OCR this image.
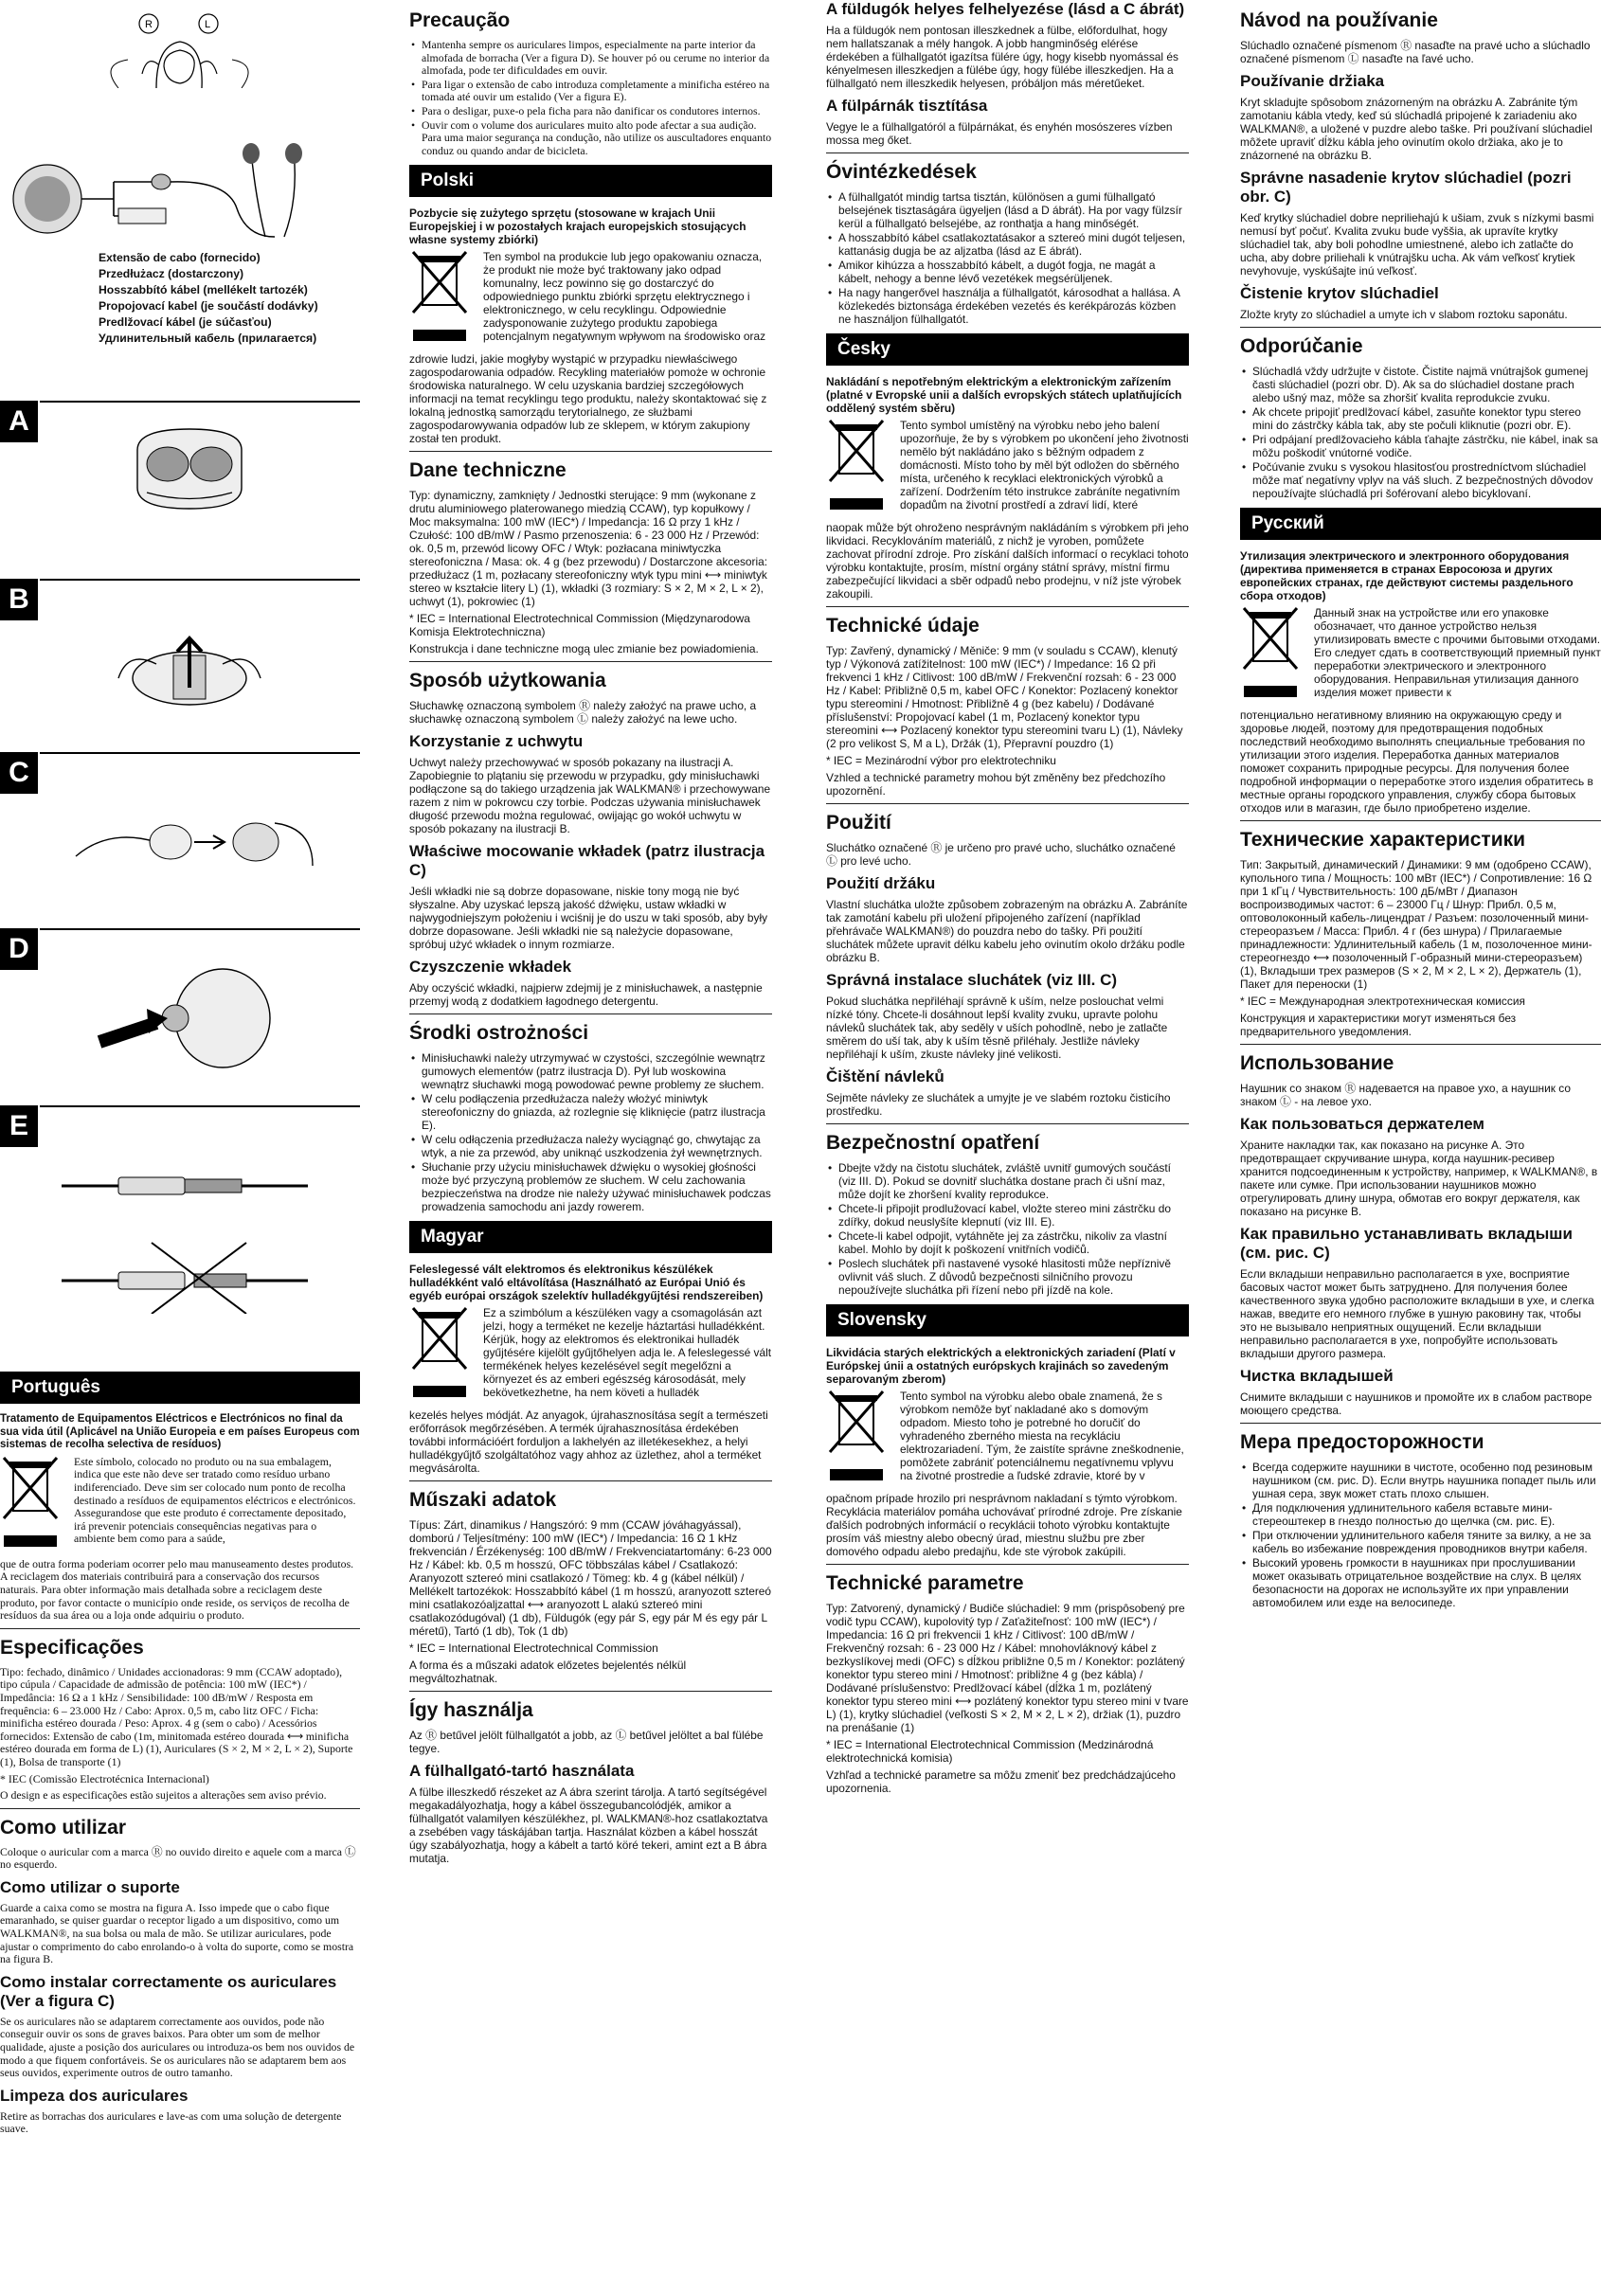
R	L
Extensão de cabo (fornecido)
Przedłużacz (dostarczony)
Hosszabbító kábel (mellékelt tartozék)
Propojovací kabel (je součástí dodávky)
Predlžovací kábel (je súčasťou)
Удлинительный кабель (прилагается)
A
B
C
D
E
Português

Tratamento de Equipamentos Eléctricos e Electrónicos no final da sua vida útil (Aplicável na União Europeia e em países Europeus com sistemas de recolha selectiva de resíduos)

Este símbolo, colocado no produto ou na sua embalagem, indica que este não deve ser tratado como resíduo urbano indiferenciado. Deve sim ser colocado num ponto de recolha destinado a resíduos de equipamentos eléctricos e electrónicos. Assegurandose que este produto é correctamente depositado, irá prevenir potenciais consequências negativas para o ambiente bem como para a saúde,

que de outra forma poderiam ocorrer pelo mau manuseamento destes produtos. A reciclagem dos materiais contribuirá para a conservação dos recursos naturais. Para obter informação mais detalhada sobre a reciclagem deste produto, por favor contacte o município onde reside, os serviços de recolha de resíduos da sua área ou a loja onde adquiriu o produto.

Especificações

Tipo: fechado, dinâmico / Unidades accionadoras: 9 mm (CCAW adoptado), tipo cúpula / Capacidade de admissão de potência: 100 mW (IEC*) / Impedância: 16 Ω a 1 kHz / Sensibilidade: 100 dB/mW / Resposta em frequência: 6 – 23.000 Hz / Cabo: Aprox. 0,5 m, cabo litz OFC / Ficha: minificha estéreo dourada / Peso: Aprox. 4 g (sem o cabo) / Acessórios fornecidos: Extensão de cabo (1m, minitomada estéreo dourada ⟷ minificha estéreo dourada em forma de L) (1), Auriculares (S × 2, M × 2, L × 2), Suporte (1), Bolsa de transporte (1)

* IEC (Comissão Electrotécnica Internacional)

O design e as especificações estão sujeitos a alterações sem aviso prévio.

Como utilizar

Coloque o auricular com a marca Ⓡ no ouvido direito e aquele com a marca Ⓛ no esquerdo.

Como utilizar o suporte

Guarde a caixa como se mostra na figura A. Isso impede que o cabo fique emaranhado, se quiser guardar o receptor ligado a um dispositivo, como um WALKMAN®, na sua bolsa ou mala de mão. Se utilizar auriculares, pode ajustar o comprimento do cabo enrolando-o à volta do suporte, como se mostra na figura B.

Como instalar correctamente os auriculares (Ver a figura C)

Se os auriculares não se adaptarem correctamente aos ouvidos, pode não conseguir ouvir os sons de graves baixos. Para obter um som de melhor qualidade, ajuste a posição dos auriculares ou introduza-os bem nos ouvidos de modo a que fiquem confortáveis. Se os auriculares não se adaptarem bem aos seus ouvidos, experimente outros de outro tamanho.

Limpeza dos auriculares

Retire as borrachas dos auriculares e lave-as com uma solução de detergente suave.

Precaução
• Mantenha sempre os auriculares limpos, especialmente na parte interior da almofada de borracha (Ver a figura D). Se houver pó ou cerume no interior da almofada, pode ter dificuldades em ouvir.
• Para ligar o extensão de cabo introduza completamente a minificha estéreo na tomada até ouvir um estalido (Ver a figura E).
• Para o desligar, puxe-o pela ficha para não danificar os condutores internos.
• Ouvir com o volume dos auriculares muito alto pode afectar a sua audição. Para uma maior segurança na condução, não utilize os auscultadores enquanto conduz ou quando andar de bicicleta.
Polski

Pozbycie się zużytego sprzętu (stosowane w krajach Unii Europejskiej i w pozostałych krajach europejskich stosujących własne systemy zbiórki)

Ten symbol na produkcie lub jego opakowaniu oznacza, że produkt nie może być traktowany jako odpad komunalny, lecz powinno się go dostarczyć do odpowiedniego punktu zbiórki sprzętu elektrycznego i elektronicznego, w celu recyklingu. Odpowiednie zadysponowanie zużytego produktu zapobiega potencjalnym negatywnym wpływom na środowisko oraz

zdrowie ludzi, jakie mogłyby wystąpić w przypadku niewłaściwego zagospodarowania odpadów. Recykling materiałów pomoże w ochronie środowiska naturalnego. W celu uzyskania bardziej szczegółowych informacji na temat recyklingu tego produktu, należy skontaktować się z lokalną jednostką samorządu terytorialnego, ze służbami zagospodarowywania odpadów lub ze sklepem, w którym zakupiony został ten produkt.

Dane techniczne

Typ: dynamiczny, zamknięty / Jednostki sterujące: 9 mm (wykonane z drutu aluminiowego platerowanego miedzią CCAW), typ kopułkowy / Moc maksymalna: 100 mW (IEC*) / Impedancja: 16 Ω przy 1 kHz / Czułość: 100 dB/mW / Pasmo przenoszenia: 6 - 23 000 Hz / Przewód: ok. 0,5 m, przewód licowy OFC / Wtyk: pozłacana miniwtyczka stereofoniczna / Masa: ok. 4 g (bez przewodu) / Dostarczone akcesoria: przedłużacz (1 m, pozłacany stereofoniczny wtyk typu mini ⟷ miniwtyk stereo w kształcie litery L) (1), wkładki (3 rozmiary: S × 2, M × 2, L × 2), uchwyt (1), pokrowiec (1)

* IEC = International Electrotechnical Commission (Międzynarodowa Komisja Elektrotechniczna)

Konstrukcja i dane techniczne mogą ulec zmianie bez powiadomienia.

Sposób użytkowania

Słuchawkę oznaczoną symbolem Ⓡ należy założyć na prawe ucho, a słuchawkę oznaczoną symbolem Ⓛ należy założyć na lewe ucho.

Korzystanie z uchwytu

Uchwyt należy przechowywać w sposób pokazany na ilustracji A. Zapobiegnie to plątaniu się przewodu w przypadku, gdy minisłuchawki podłączone są do takiego urządzenia jak WALKMAN® i przechowywane razem z nim w pokrowcu czy torbie. Podczas używania minisłuchawek długość przewodu można regulować, owijając go wokół uchwytu w sposób pokazany na ilustracji B.

Właściwe mocowanie wkładek (patrz ilustracja C)

Jeśli wkładki nie są dobrze dopasowane, niskie tony mogą nie być słyszalne. Aby uzyskać lepszą jakość dźwięku, ustaw wkładki w najwygodniejszym położeniu i wciśnij je do uszu w taki sposób, aby były dobrze dopasowane. Jeśli wkładki nie są należycie dopasowane, spróbuj użyć wkładek o innym rozmiarze.

Czyszczenie wkładek

Aby oczyścić wkładki, najpierw zdejmij je z minisłuchawek, a następnie przemyj wodą z dodatkiem łagodnego detergentu.

Środki ostrożności
• Minisłuchawki należy utrzymywać w czystości, szczególnie wewnątrz gumowych elementów (patrz ilustracja D). Pył lub woskowina wewnątrz słuchawki mogą powodować pewne problemy ze słuchem.
• W celu podłączenia przedłużacza należy włożyć miniwtyk stereofoniczny do gniazda, aż rozlegnie się kliknięcie (patrz ilustracja E).
• W celu odłączenia przedłużacza należy wyciągnąć go, chwytając za wtyk, a nie za przewód, aby uniknąć uszkodzenia żył wewnętrznych.
• Słuchanie przy użyciu minisłuchawek dźwięku o wysokiej głośności może być przyczyną problemów ze słuchem. W celu zachowania bezpieczeństwa na drodze nie należy używać minisłuchawek podczas prowadzenia samochodu ani jazdy rowerem.
Magyar

Feleslegessé vált elektromos és elektronikus készülékek hulladékként való eltávolítása (Használható az Európai Unió és egyéb európai országok szelektív hulladékgyűjtési rendszereiben)

Ez a szimbólum a készüléken vagy a csomagolásán azt jelzi, hogy a terméket ne kezelje háztartási hulladékként. Kérjük, hogy az elektromos és elektronikai hulladék gyűjtésére kijelölt gyűjtőhelyen adja le. A feleslegessé vált termékének helyes kezelésével segít megelőzni a környezet és az emberi egészség károsodását, mely bekövetkezhetne, ha nem követi a hulladék

kezelés helyes módját. Az anyagok, újrahasznosítása segít a természeti erőforrások megőrzésében. A termék újrahasznosítása érdekében további információért forduljon a lakhelyén az illetékesekhez, a helyi hulladékgyűjtő szolgáltatóhoz vagy ahhoz az üzlethez, ahol a terméket megvásárolta.

Műszaki adatok

Típus: Zárt, dinamikus / Hangszóró: 9 mm (CCAW jóváhagyással), domború / Teljesítmény: 100 mW (IEC*) / Impedancia: 16 Ω 1 kHz frekvencián / Érzékenység: 100 dB/mW / Frekvenciatartomány: 6-23 000 Hz / Kábel: kb. 0,5 m hosszú, OFC többszálas kábel / Csatlakozó: Aranyozott sztereó mini csatlakozó / Tömeg: kb. 4 g (kábel nélkül) / Mellékelt tartozékok: Hosszabbító kábel (1 m hosszú, aranyozott sztereó mini csatlakozóaljzattal ⟷ aranyozott L alakú sztereó mini csatlakozódugóval) (1 db), Füldugók (egy pár S, egy pár M és egy pár L méretű), Tartó (1 db), Tok (1 db)

* IEC = International Electrotechnical Commission

A forma és a műszaki adatok előzetes bejelentés nélkül megváltozhatnak.

Így használja

Az Ⓡ betűvel jelölt fülhallgatót a jobb, az Ⓛ betűvel jelöltet a bal fülébe tegye.

A fülhallgató-tartó használata

A fülbe illeszkedő részeket az A ábra szerint tárolja. A tartó segítségével megakadályozhatja, hogy a kábel összegubancolódjék, amikor a fülhallgatót valamilyen készülékhez, pl. WALKMAN®-hoz csatlakoztatva a zsebében vagy táskájában tartja. Használat közben a kábel hosszát úgy szabályozhatja, hogy a kábelt a tartó köré tekeri, amint ezt a B ábra mutatja.

A füldugók helyes felhelyezése (lásd a C ábrát)

Ha a füldugók nem pontosan illeszkednek a fülbe, előfordulhat, hogy nem hallatszanak a mély hangok. A jobb hangminőség elérése érdekében a fülhallgatót igazítsa fülére úgy, hogy kisebb nyomással és kényelmesen illeszkedjen a fülébe úgy, hogy fülébe illeszkedjen. Ha a fülhallgató nem illeszkedik helyesen, próbáljon más méretűeket.

A fülpárnák tisztítása

Vegye le a fülhallgatóról a fülpárnákat, és enyhén mosószeres vízben mossa meg őket.

Óvintézkedések
• A fülhallgatót mindig tartsa tisztán, különösen a gumi fülhallgató belsejének tisztaságára ügyeljen (lásd a D ábrát). Ha por vagy fülzsír kerül a fülhallgató belsejébe, az ronthatja a hang minőségét.
• A hosszabbító kábel csatlakoztatásakor a sztereó mini dugót teljesen, kattanásig dugja be az aljzatba (lásd az E ábrát).
• Amikor kihúzza a hosszabbító kábelt, a dugót fogja, ne magát a kábelt, nehogy a benne lévő vezetékek megsérüljenek.
• Ha nagy hangerővel használja a fülhallgatót, károsodhat a hallása. A közlekedés biztonsága érdekében vezetés és kerékpározás közben ne használjon fülhallgatót.
Česky

Nakládání s nepotřebným elektrickým a elektronickým zařízením (platné v Evropské unii a dalších evropských státech uplatňujících oddělený systém sběru)

Tento symbol umístěný na výrobku nebo jeho balení upozorňuje, že by s výrobkem po ukončení jeho životnosti nemělo být nakládáno jako s běžným odpadem z domácnosti. Místo toho by měl být odložen do sběrného místa, určeného k recyklaci elektronických výrobků a zařízení. Dodržením této instrukce zabráníte negativním dopadům na životní prostředí a zdraví lidí, které

naopak může být ohroženo nesprávným nakládáním s výrobkem při jeho likvidaci. Recyklováním materiálů, z nichž je vyroben, pomůžete zachovat přírodní zdroje. Pro získání dalších informací o recyklaci tohoto výrobku kontaktujte, prosím, místní orgány státní správy, místní firmu zabezpečující likvidaci a sběr odpadů nebo prodejnu, v níž jste výrobek zakoupili.

Technické údaje

Typ: Zavřený, dynamický / Měniče: 9 mm (v souladu s CCAW), klenutý typ / Výkonová zatížitelnost: 100 mW (IEC*) / Impedance: 16 Ω při frekvenci 1 kHz / Citlivost: 100 dB/mW / Frekvenční rozsah: 6 - 23 000 Hz / Kabel: Přibližně 0,5 m, kabel OFC / Konektor: Pozlacený konektor typu stereomini / Hmotnost: Přibližně 4 g (bez kabelu) / Dodávané příslušenství: Propojovací kabel (1 m, Pozlacený konektor typu stereomini ⟷ Pozlacený konektor typu stereomini tvaru L) (1), Návleky (2 pro velikost S, M a L), Držák (1), Přepravní pouzdro (1)

* IEC = Mezinárodní výbor pro elektrotechniku

Vzhled a technické parametry mohou být změněny bez předchozího upozornění.

Použití

Sluchátko označené Ⓡ je určeno pro pravé ucho, sluchátko označené Ⓛ pro levé ucho.

Použití držáku

Vlastní sluchátka uložte způsobem zobrazeným na obrázku A. Zabráníte tak zamotání kabelu při uložení připojeného zařízení (například přehrávače WALKMAN®) do pouzdra nebo do tašky. Při použití sluchátek můžete upravit délku kabelu jeho ovinutím okolo držáku podle obrázku B.

Správná instalace sluchátek (viz III. C)

Pokud sluchátka nepřiléhají správně k uším, nelze poslouchat velmi nízké tóny. Chcete-li dosáhnout lepší kvality zvuku, upravte polohu návleků sluchátek tak, aby seděly v uších pohodlně, nebo je zatlačte směrem do uší tak, aby k uším těsně přiléhaly. Jestliže návleky nepřiléhají k uším, zkuste návleky jiné velikosti.

Čištění návleků

Sejměte návleky ze sluchátek a umyjte je ve slabém roztoku čisticího prostředku.

Bezpečnostní opatření
• Dbejte vždy na čistotu sluchátek, zvláště uvnitř gumových součástí (viz III. D). Pokud se dovnitř sluchátka dostane prach či ušní maz, může dojít ke zhoršení kvality reprodukce.
• Chcete-li připojit prodlužovací kabel, vložte stereo mini zástrčku do zdířky, dokud neuslyšíte klepnutí (viz III. E).
• Chcete-li kabel odpojit, vytáhněte jej za zástrčku, nikoliv za vlastní kabel. Mohlo by dojít k poškození vnitřních vodičů.
• Poslech sluchátek při nastavené vysoké hlasitosti může nepříznivě ovlivnit váš sluch. Z důvodů bezpečnosti silničního provozu nepoužívejte sluchátka při řízení nebo při jízdě na kole.
Slovensky

Likvidácia starých elektrických a elektronických zariadení (Platí v Európskej únii a ostatných európskych krajinách so zavedeným separovaným zberom)

Tento symbol na výrobku alebo obale znamená, že s výrobkom nemôže byť nakladané ako s domovým odpadom. Miesto toho je potrebné ho doručiť do vyhradeného zberného miesta na recykláciu elektrozariadení. Tým, že zaistíte správne zneškodnenie, pomôžete zabrániť potenciálnemu negatívnemu vplyvu na životné prostredie a ľudské zdravie, ktoré by v

opačnom prípade hrozilo pri nesprávnom nakladaní s týmto výrobkom. Recyklácia materiálov pomáha uchovávať prírodné zdroje. Pre získanie ďalších podrobných informácií o recyklácii tohoto výrobku kontaktujte prosím váš miestny alebo obecný úrad, miestnu službu pre zber domového odpadu alebo predajňu, kde ste výrobok zakúpili.

Technické parametre

Typ: Zatvorený, dynamický / Budiče slúchadiel: 9 mm (prispôsobený pre vodič typu CCAW), kupolovitý typ / Zaťažiteľnosť: 100 mW (IEC*) / Impedancia: 16 Ω pri frekvencii 1 kHz / Citlivosť: 100 dB/mW / Frekvenčný rozsah: 6 - 23 000 Hz / Kábel: mnohovláknový kábel z bezkyslíkovej medi (OFC) s dĺžkou približne 0,5 m / Konektor: pozlátený konektor typu stereo mini / Hmotnosť: približne 4 g (bez kábla) / Dodávané príslušenstvo: Predlžovací kábel (dĺžka 1 m, pozlátený konektor typu stereo mini ⟷ pozlátený konektor typu stereo mini v tvare L) (1), krytky slúchadiel (veľkosti S × 2, M × 2, L × 2), držiak (1), puzdro na prenášanie (1)

* IEC = International Electrotechnical Commission (Medzinárodná elektrotechnická komisia)

Vzhľad a technické parametre sa môžu zmeniť bez predchádzajúceho upozornenia.

Návod na používanie

Slúchadlo označené písmenom Ⓡ nasaďte na pravé ucho a slúchadlo označené písmenom Ⓛ nasaďte na ľavé ucho.

Používanie držiaka

Kryt skladujte spôsobom znázorneným na obrázku A. Zabránite tým zamotaniu kábla vtedy, keď sú slúchadlá pripojené k zariadeniu ako WALKMAN®, a uložené v puzdre alebo taške. Pri používaní slúchadiel môžete upraviť dĺžku kábla jeho ovinutím okolo držiaka, ako je to znázornené na obrázku B.

Správne nasadenie krytov slúchadiel (pozri obr. C)

Keď krytky slúchadiel dobre nepriliehajú k ušiam, zvuk s nízkymi basmi nemusí byť počuť. Kvalita zvuku bude vyššia, ak upravíte krytky slúchadiel tak, aby boli pohodlne umiestnené, alebo ich zatlačte do ucha, aby dobre priliehali k vnútrajšku ucha. Ak vám veľkosť krytiek nevyhovuje, vyskúšajte inú veľkosť.

Čistenie krytov slúchadiel

Zložte kryty zo slúchadiel a umyte ich v slabom roztoku saponátu.

Odporúčanie
• Slúchadlá vždy udržujte v čistote. Čistite najmä vnútrajšok gumenej časti slúchadiel (pozri obr. D). Ak sa do slúchadiel dostane prach alebo ušný maz, môže sa zhoršiť kvalita reprodukcie zvuku.
• Ak chcete pripojiť predlžovací kábel, zasuňte konektor typu stereo mini do zástrčky kábla tak, aby ste počuli kliknutie (pozri obr. E).
• Pri odpájaní predlžovacieho kábla ťahajte zástrčku, nie kábel, inak sa môžu poškodiť vnútorné vodiče.
• Počúvanie zvuku s vysokou hlasitosťou prostredníctvom slúchadiel môže mať negatívny vplyv na váš sluch. Z bezpečnostných dôvodov nepoužívajte slúchadlá pri šoférovaní alebo bicyklovaní.
Русский

Утилизация электрического и электронного оборудования (директива применяется в странах Евросоюза и других европейских странах, где действуют системы раздельного сбора отходов)

Данный знак на устройстве или его упаковке обозначает, что данное устройство нельзя утилизировать вместе с прочими бытовыми отходами. Его следует сдать в соответствующий приемный пункт переработки электрического и электронного оборудования. Неправильная утилизация данного изделия может привести к

потенциально негативному влиянию на окружающую среду и здоровье людей, поэтому для предотвращения подобных последствий необходимо выполнять специальные требования по утилизации этого изделия. Переработка данных материалов поможет сохранить природные ресурсы. Для получения более подробной информации о переработке этого изделия обратитесь в местные органы городского управления, службу сбора бытовых отходов или в магазин, где было приобретено изделие.

Технические характеристики

Тип: Закрытый, динамический / Динамики: 9 мм (одобрено CCAW), купольного типа / Мощность: 100 мВт (IEC*) / Сопротивление: 16 Ω при 1 кГц / Чувствительность: 100 дБ/мВт / Диапазон воспроизводимых частот: 6 – 23000 Гц / Шнур: Прибл. 0,5 м, оптоволоконный кабель-лицендрат / Разъем: позолоченный мини-стереоразъем / Масса: Прибл. 4 г (без шнура) / Прилагаемые принадлежности: Удлинительный кабель (1 м, позолоченное мини-стереогнездо ⟷ позолоченный Г-образный мини-стереоразъем) (1), Вкладыши трех размеров (S × 2, M × 2, L × 2), Держатель (1), Пакет для переноски (1)

* IEC = Международная электротехническая комиссия

Конструкция и характеристики могут изменяться без предварительного уведомления.

Использование

Наушник со знаком Ⓡ надевается на правое ухо, а наушник со знаком Ⓛ - на левое ухо.

Как пользоваться держателем

Храните накладки так, как показано на рисунке A. Это предотвращает скручивание шнура, когда наушник-ресивер хранится подсоединенным к устройству, например, к WALKMAN®, в пакете или сумке. При использовании наушников можно отрегулировать длину шнура, обмотав его вокруг держателя, как показано на рисунке B.

Как правильно устанавливать вкладыши (см. рис. C)

Если вкладыши неправильно располагается в ухе, восприятие басовых частот может быть затруднено. Для получения более качественного звука удобно расположите вкладыши в ухе, и слегка нажав, введите его немного глубже в ушную раковину так, чтобы это не вызывало неприятных ощущений. Если вкладыши неправильно располагается в ухе, попробуйте использовать вкладыши другого размера.

Чистка вкладышей

Снимите вкладыши с наушников и промойте их в слабом растворе моющего средства.

Мера предосторожности
• Всегда содержите наушники в чистоте, особенно под резиновым наушником (см. рис. D). Если внутрь наушника попадет пыль или ушная сера, звук может стать плохо слышен.
• Для подключения удлинительного кабеля вставьте мини-стереоштекер в гнездо полностью до щелчка (см. рис. E).
• При отключении удлинительного кабеля тяните за вилку, а не за кабель во избежание повреждения проводников внутри кабеля.
• Высокий уровень громкости в наушниках при прослушивании может оказывать отрицательное воздействие на слух. В целях безопасности на дорогах не используйте их при управлении автомобилем или езде на велосипеде.
